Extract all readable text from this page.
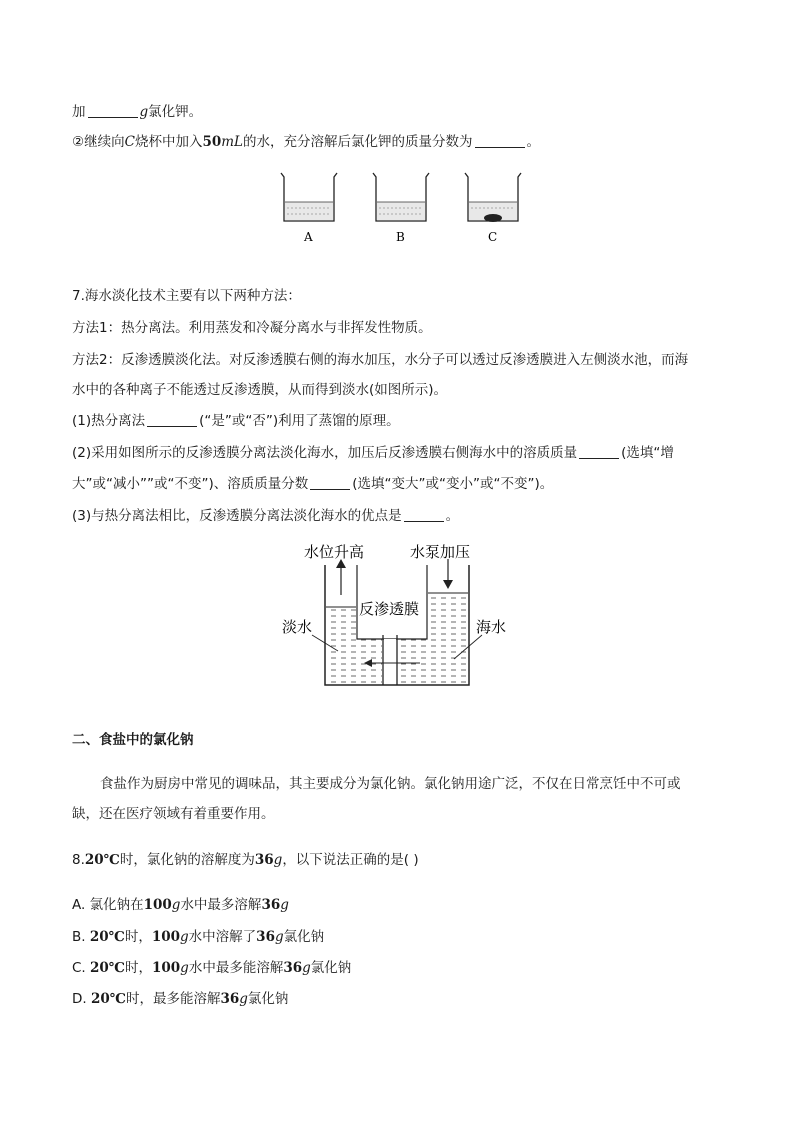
加	g氯化钾。
②继续向C烧杯中加入50mL的水，充分溶解后氯化钾的质量分数为	。
A	B	C
7.海水淡化技术主要有以下两种方法：
方法1：热分离法。利用蒸发和冷凝分离水与非挥发性物质。
方法2：反渗透膜淡化法。对反渗透膜右侧的海水加压，水分子可以透过反渗透膜进入左侧淡水池，而海
水中的各种离子不能透过反渗透膜，从而得到淡水(如图所示)。
(1)热分离法	(“是”或“否”)利用了蒸馏的原理。
(2)采用如图所示的反渗透膜分离法淡化海水，加压后反渗透膜右侧海水中的溶质质量	(选填“增
大”或“减小””或“不变”)、溶质质量分数	(选填“变大”或“变小”或“不变”)。
(3)与热分离法相比，反渗透膜分离法淡化海水的优点是	。
水位升高	水泵加压
反渗透膜
淡水	海水
二、食盐中的氯化钠
食盐作为厨房中常见的调味品，其主要成分为氯化钠。氯化钠用途广泛，不仅在日常烹饪中不可或
缺，还在医疗领域有着重要作用。
8.20℃时，氯化钠的溶解度为36g，以下说法正确的是( )
A. 氯化钠在100g水中最多溶解36g
B. 20℃时，100g水中溶解了36g氯化钠
C. 20℃时，100g水中最多能溶解36g氯化钠
D. 20℃时，最多能溶解36g氯化钠
